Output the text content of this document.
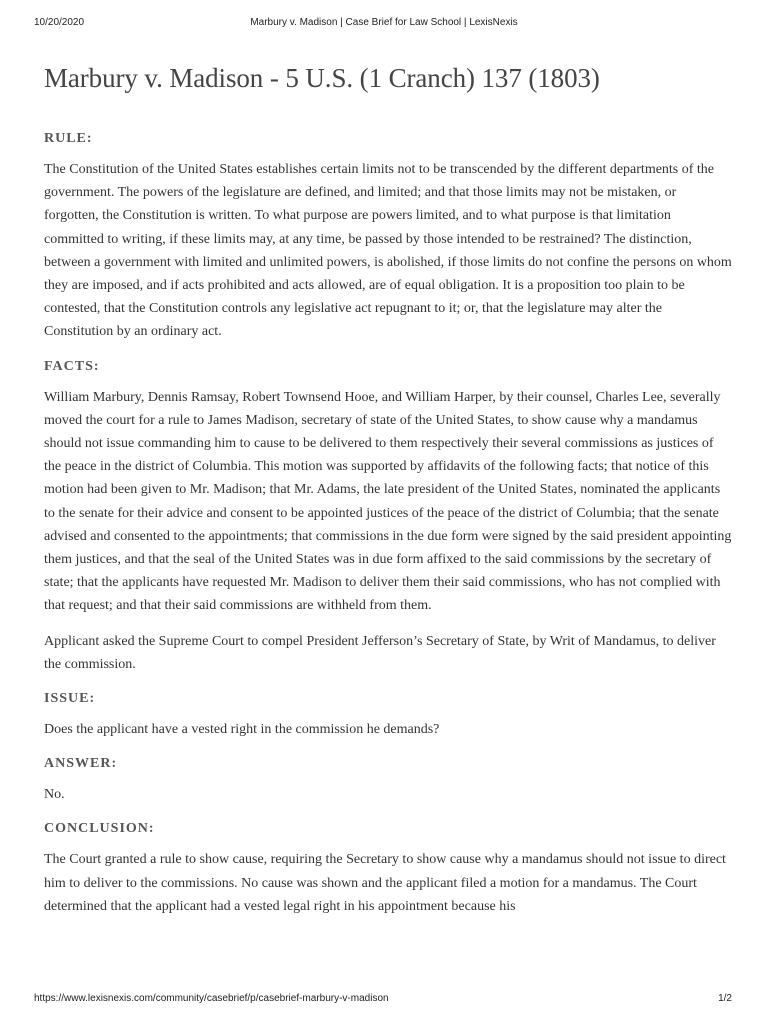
10/20/2020	Marbury v. Madison | Case Brief for Law School | LexisNexis
Marbury v. Madison - 5 U.S. (1 Cranch) 137 (1803)
RULE:

The Constitution of the United States establishes certain limits not to be transcended by the different departments of the government. The powers of the legislature are defined, and limited; and that those limits may not be mistaken, or forgotten, the Constitution is written. To what purpose are powers limited, and to what purpose is that limitation committed to writing, if these limits may, at any time, be passed by those intended to be restrained? The distinction, between a government with limited and unlimited powers, is abolished, if those limits do not confine the persons on whom they are imposed, and if acts prohibited and acts allowed, are of equal obligation. It is a proposition too plain to be contested, that the Constitution controls any legislative act repugnant to it; or, that the legislature may alter the Constitution by an ordinary act.

FACTS:

William Marbury, Dennis Ramsay, Robert Townsend Hooe, and William Harper, by their counsel, Charles Lee, severally moved the court for a rule to James Madison, secretary of state of the United States, to show cause why a mandamus should not issue commanding him to cause to be delivered to them respectively their several commissions as justices of the peace in the district of Columbia. This motion was supported by affidavits of the following facts; that notice of this motion had been given to Mr. Madison; that Mr. Adams, the late president of the United States, nominated the applicants to the senate for their advice and consent to be appointed justices of the peace of the district of Columbia; that the senate advised and consented to the appointments; that commissions in the due form were signed by the said president appointing them justices, and that the seal of the United States was in due form affixed to the said commissions by the secretary of state; that the applicants have requested Mr. Madison to deliver them their said commissions, who has not complied with that request; and that their said commissions are withheld from them.

Applicant asked the Supreme Court to compel President Jefferson’s Secretary of State, by Writ of Mandamus, to deliver the commission.

ISSUE:

Does the applicant have a vested right in the commission he demands?

ANSWER:

No.

CONCLUSION:

The Court granted a rule to show cause, requiring the Secretary to show cause why a mandamus should not issue to direct him to deliver to the commissions. No cause was shown and the applicant filed a motion for a mandamus. The Court determined that the applicant had a vested legal right in his appointment because his

https://www.lexisnexis.com/community/casebrief/p/casebrief-marbury-v-madison	1/2
